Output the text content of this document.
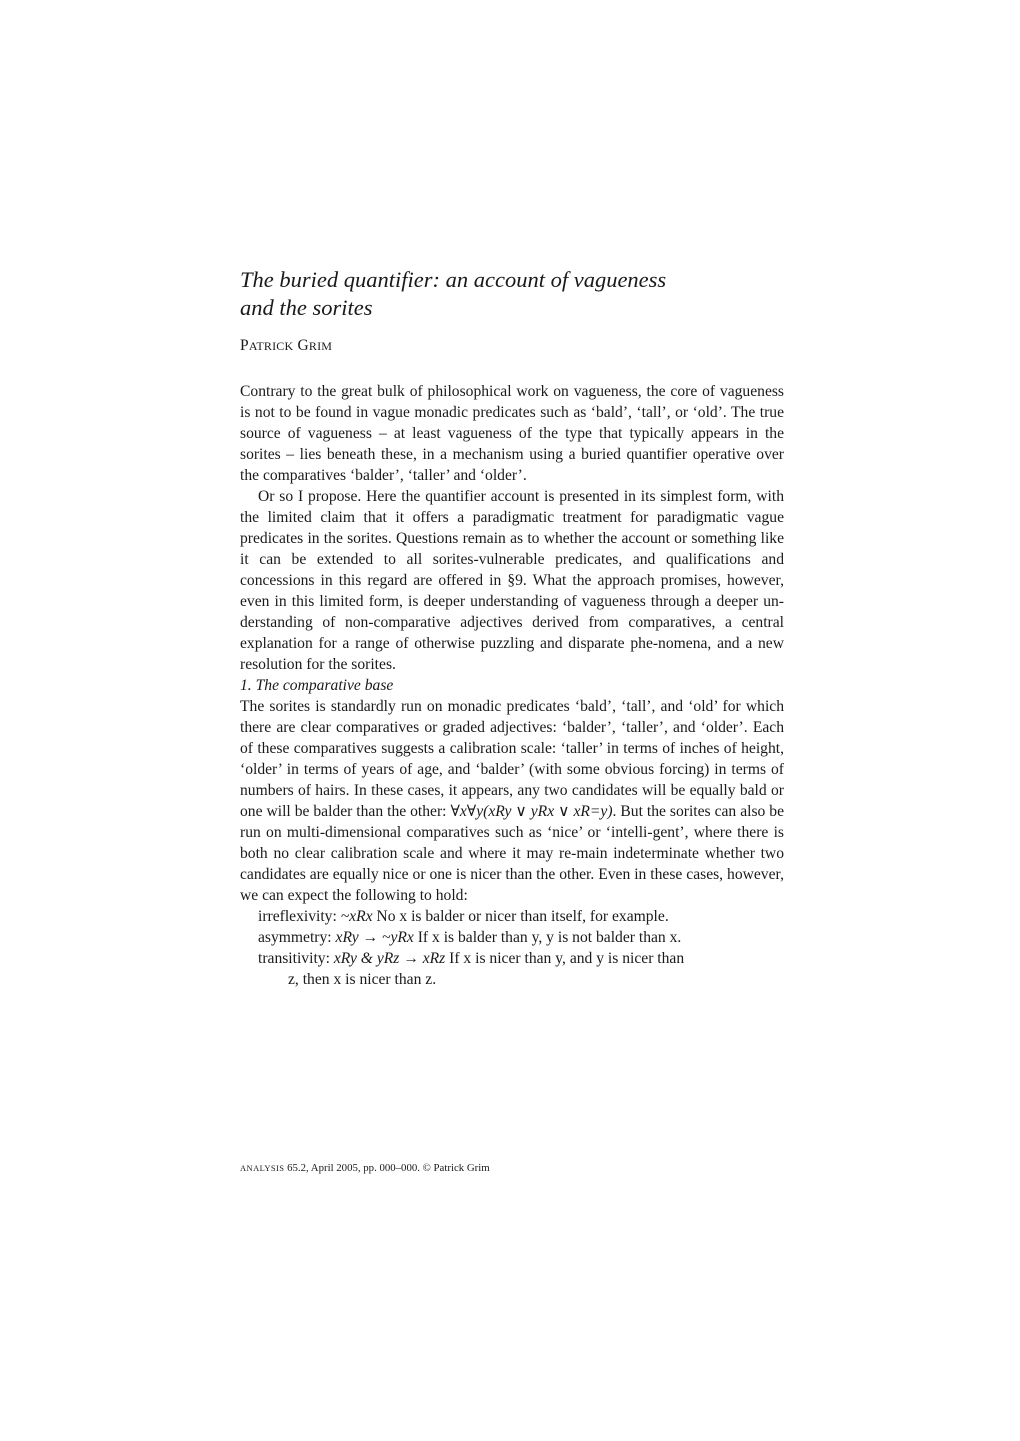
The buried quantifier: an account of vagueness
and the sorites
PATRICK GRIM

Contrary to the great bulk of philosophical work on vagueness, the core of vagueness is not to be found in vague monadic predicates such as ‘bald’, ‘tall’, or ‘old’. The true source of vagueness – at least vagueness of the type that typically appears in the sorites – lies beneath these, in a mechanism using a buried quantifier operative over the comparatives ‘balder’, ‘taller’ and ‘older’.

Or so I propose. Here the quantifier account is presented in its simplest form, with the limited claim that it offers a paradigmatic treatment for paradigmatic vague predicates in the sorites. Questions remain as to whether the account or something like it can be extended to all sorites-vulnerable predicates, and qualifications and concessions in this regard are offered in §9. What the approach promises, however, even in this limited form, is deeper understanding of vagueness through a deeper un-derstanding of non-comparative adjectives derived from comparatives, a central explanation for a range of otherwise puzzling and disparate phe-nomena, and a new resolution for the sorites.

1. The comparative base

The sorites is standardly run on monadic predicates ‘bald’, ‘tall’, and ‘old’ for which there are clear comparatives or graded adjectives: ‘balder’, ‘taller’, and ‘older’. Each of these comparatives suggests a calibration scale: ‘taller’ in terms of inches of height, ‘older’ in terms of years of age, and ‘balder’ (with some obvious forcing) in terms of numbers of hairs. In these cases, it appears, any two candidates will be equally bald or one will be balder than the other: ∀x∀y(xRy ∨ yRx ∨ xR=y). But the sorites can also be run on multi-dimensional comparatives such as ‘nice’ or ‘intelli-gent’, where there is both no clear calibration scale and where it may re-main indeterminate whether two candidates are equally nice or one is nicer than the other. Even in these cases, however, we can expect the following to hold:

irreflexivity: ~xRx No x is balder or nicer than itself, for example.
asymmetry: xRy → ~yRx If x is balder than y, y is not balder than x.
transitivity: xRy & yRz → xRz If x is nicer than y, and y is nicer than
z, then x is nicer than z.
ANALYSIS 65.2, April 2005, pp. 000–000. © Patrick Grim
